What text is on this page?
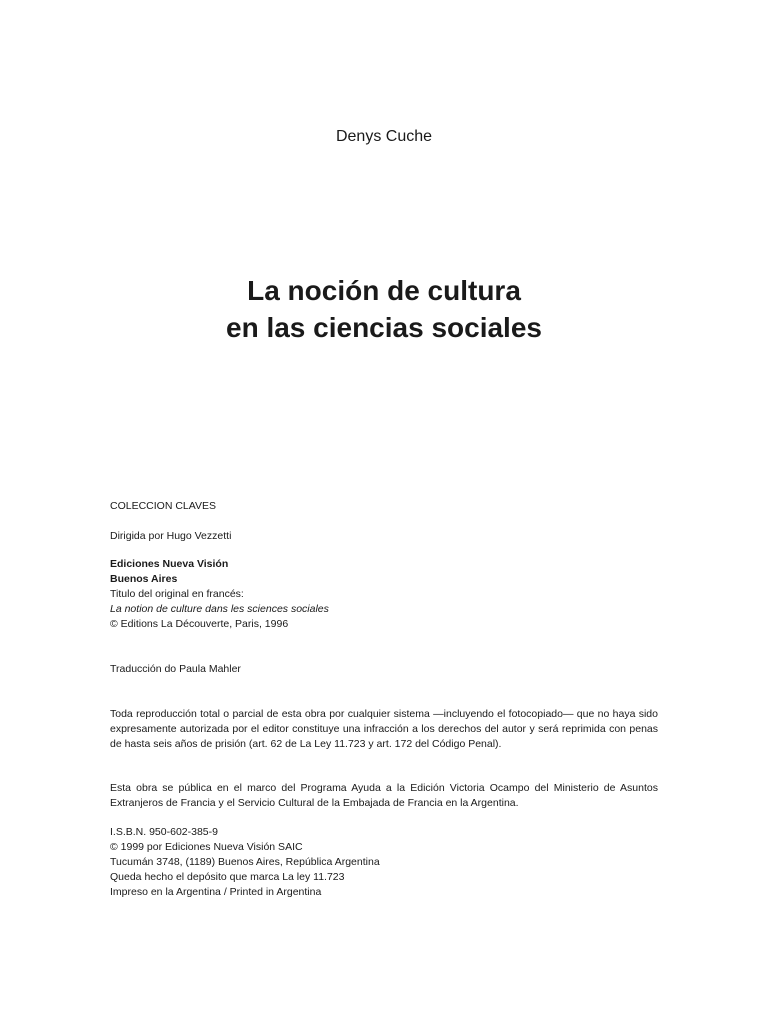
Denys Cuche
La noción de cultura
en las ciencias sociales
COLECCION CLAVES
Dirigida por Hugo Vezzetti
Ediciones Nueva Visión
Buenos Aires
Titulo del original en francés:
La notion de culture dans les sciences sociales
© Editions La Découverte, Paris, 1996
Traducción do Paula Mahler
Toda reproducción total o parcial de esta obra por cualquier sistema —incluyendo el fotocopiado— que no haya sido expresamente autorizada por el editor constituye una infracción a los derechos del autor y será reprimida con penas de hasta seis años de prisión (art. 62 de La Ley 11.723 y art. 172 del Código Penal).
Esta obra se pública en el marco del Programa Ayuda a la Edición Victoria Ocampo del Ministerio de Asuntos Extranjeros de Francia y el Servicio Cultural de la Embajada de Francia en la Argentina.
I.S.B.N. 950-602-385-9
© 1999 por Ediciones Nueva Visión SAIC
Tucumán 3748, (1189) Buenos Aires, República Argentina
Queda hecho el depósito que marca La ley 11.723
Impreso en la Argentina / Printed in Argentina
